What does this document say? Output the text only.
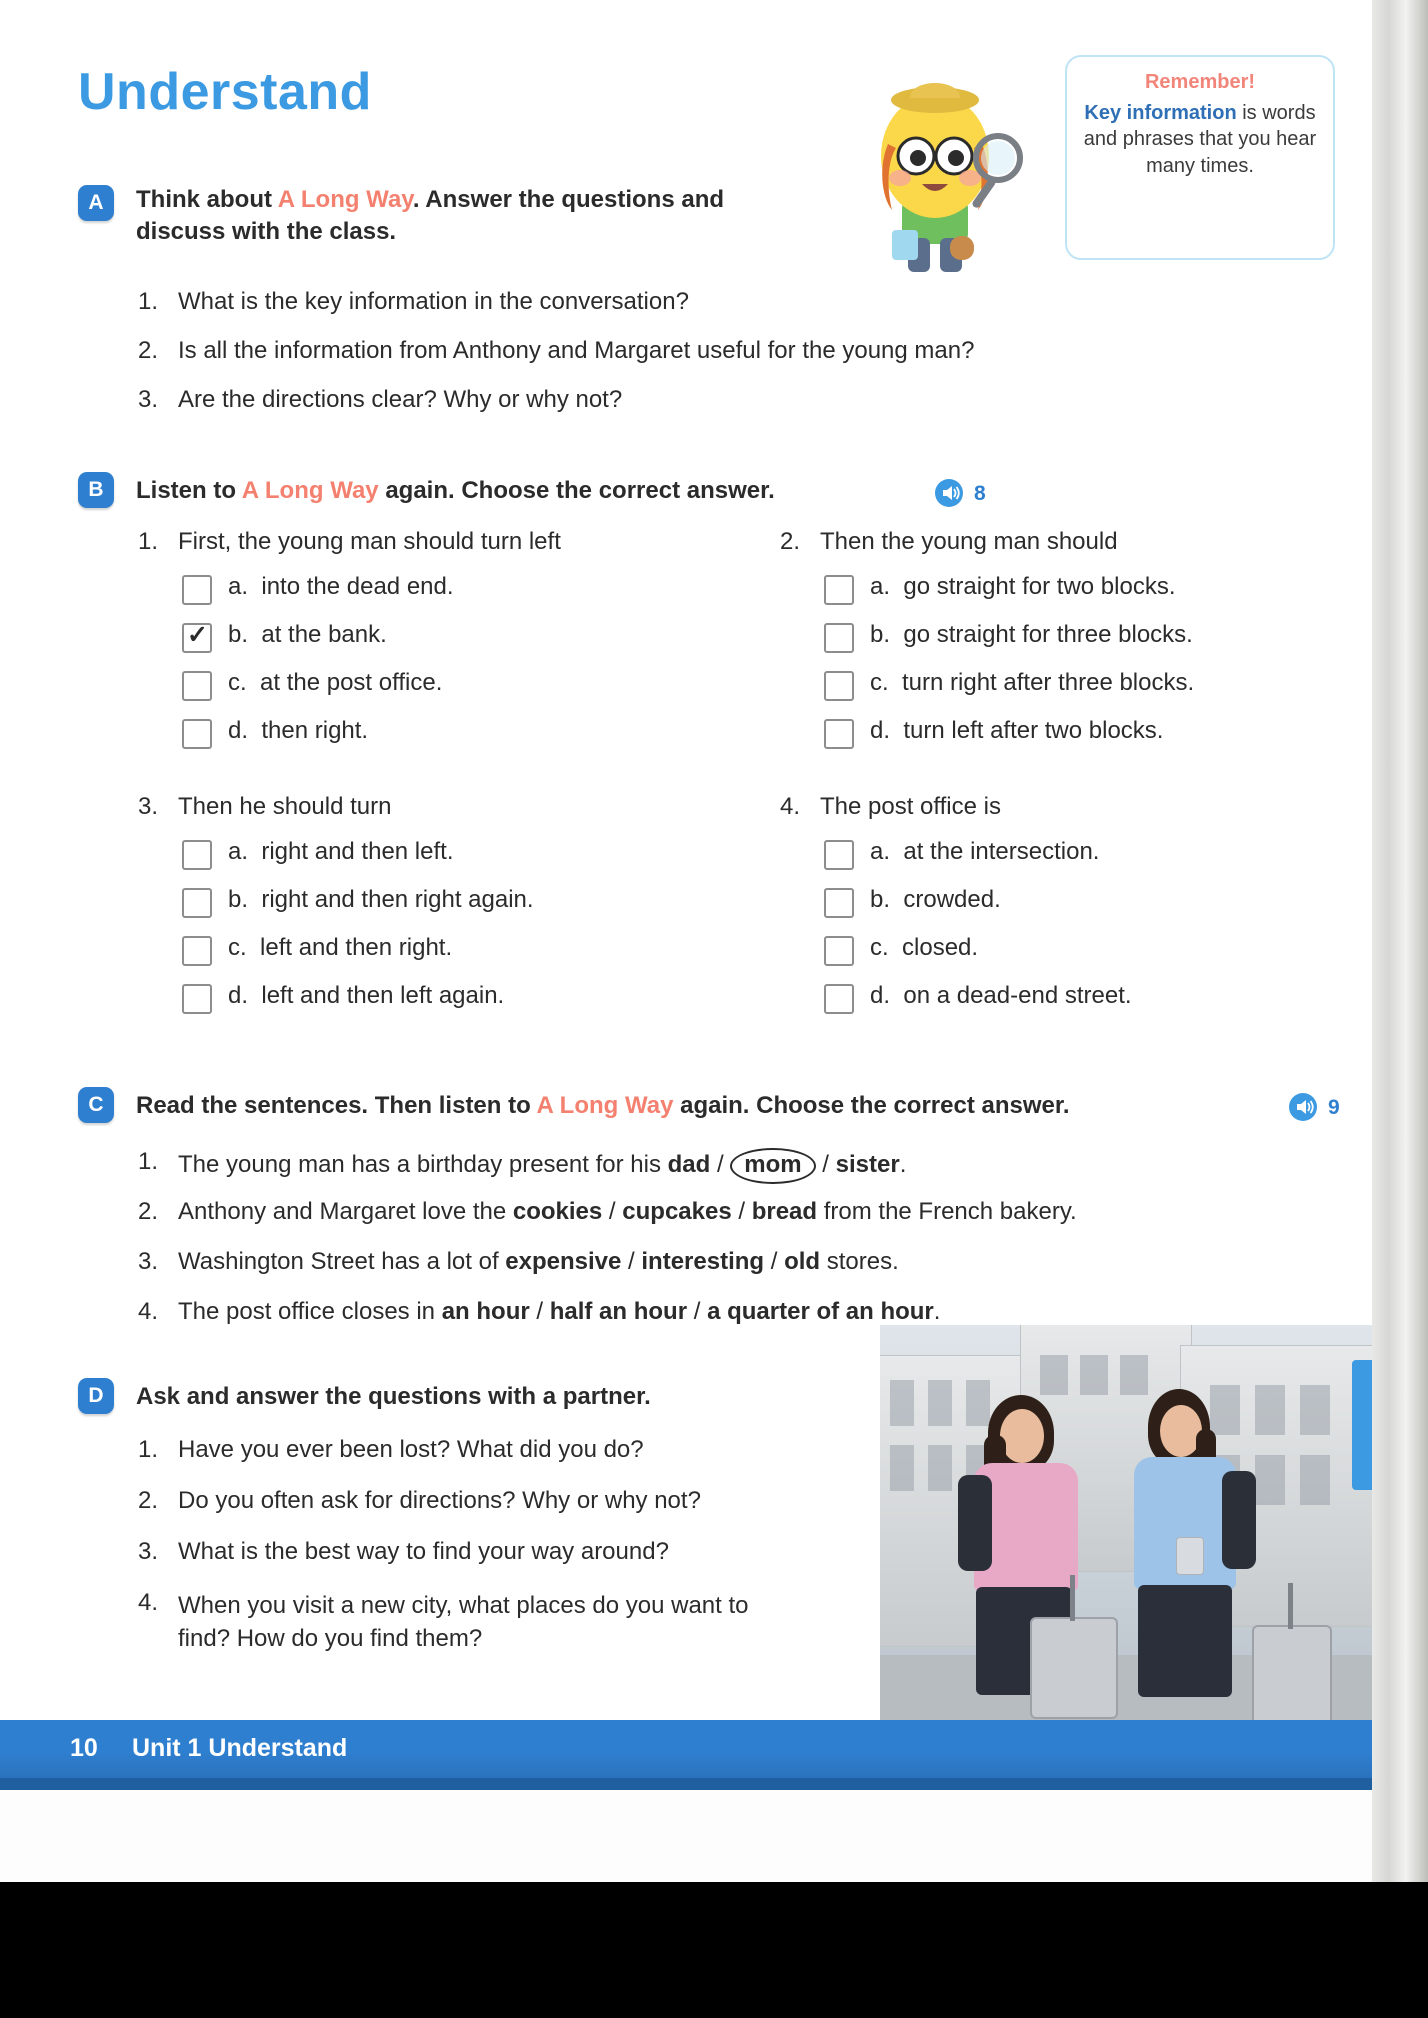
Understand	Remember!
Key information is words and phrases that you hear many times.
A	Think about A Long Way. Answer the questions and discuss with the class.
1. What is the key information in the conversation?
2. Is all the information from Anthony and Margaret useful for the young man?
3. Are the directions clear? Why or why not?
B	Listen to A Long Way again. Choose the correct answer.	8
1. First, the young man should turn left
a. into the dead end.
✓ b. at the bank.
c. at the post office.
d. then right.
2. Then the young man should
a. go straight for two blocks.
b. go straight for three blocks.
c. turn right after three blocks.
d. turn left after two blocks.
3. Then he should turn
a. right and then left.
b. right and then right again.
c. left and then right.
d. left and then left again.
4. The post office is
a. at the intersection.
b. crowded.
c. closed.
d. on a dead-end street.
C	Read the sentences. Then listen to A Long Way again. Choose the correct answer.	9
1. The young man has a birthday present for his dad / mom / sister.
2. Anthony and Margaret love the cookies / cupcakes / bread from the French bakery.
3. Washington Street has a lot of expensive / interesting / old stores.
4. The post office closes in an hour / half an hour / a quarter of an hour.
D	Ask and answer the questions with a partner.
1. Have you ever been lost? What did you do?
2. Do you often ask for directions? Why or why not?
3. What is the best way to find your way around?
4. When you visit a new city, what places do you want to find? How do you find them?
10 Unit 1 Understand
